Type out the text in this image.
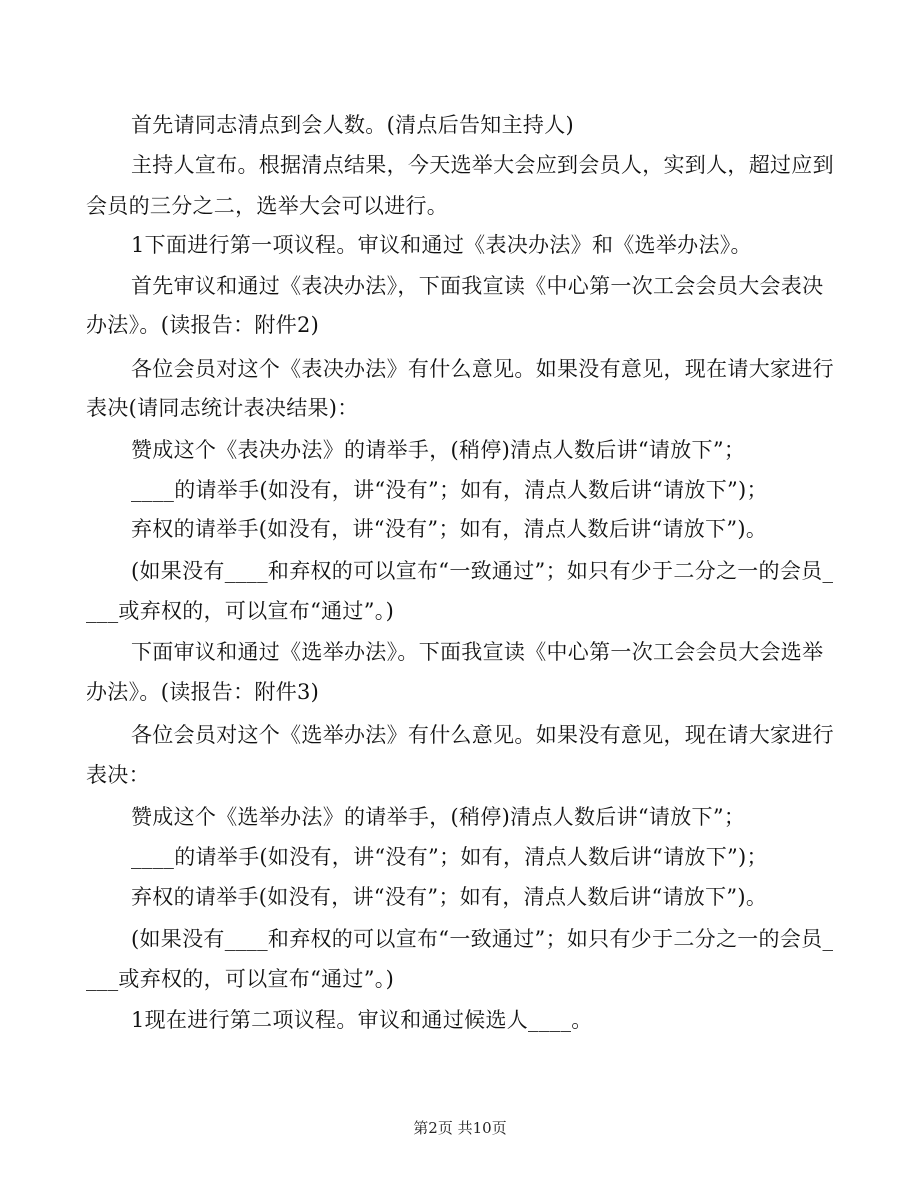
首先请同志清点到会人数。(清点后告知主持人)
主持人宣布。根据清点结果，今天选举大会应到会员人，实到人，超过应到
会员的三分之二，选举大会可以进行。
1下面进行第一项议程。审议和通过《表决办法》和《选举办法》。
首先审议和通过《表决办法》，下面我宣读《中心第一次工会会员大会表决
办法》。(读报告：附件2)
各位会员对这个《表决办法》有什么意见。如果没有意见，现在请大家进行
表决(请同志统计表决结果)：
赞成这个《表决办法》的请举手，(稍停)清点人数后讲“请放下”；
____的请举手(如没有，讲“没有”；如有，清点人数后讲“请放下”)；
弃权的请举手(如没有，讲“没有”；如有，清点人数后讲“请放下”)。
(如果没有____和弃权的可以宣布“一致通过”；如只有少于二分之一的会员_
___或弃权的，可以宣布“通过”。)
下面审议和通过《选举办法》。下面我宣读《中心第一次工会会员大会选举
办法》。(读报告：附件3)
各位会员对这个《选举办法》有什么意见。如果没有意见，现在请大家进行
表决：
赞成这个《选举办法》的请举手，(稍停)清点人数后讲“请放下”；
____的请举手(如没有，讲“没有”；如有，清点人数后讲“请放下”)；
弃权的请举手(如没有，讲“没有”；如有，清点人数后讲“请放下”)。
(如果没有____和弃权的可以宣布“一致通过”；如只有少于二分之一的会员_
___或弃权的，可以宣布“通过”。)
1现在进行第二项议程。审议和通过候选人____。
第2页 共10页
